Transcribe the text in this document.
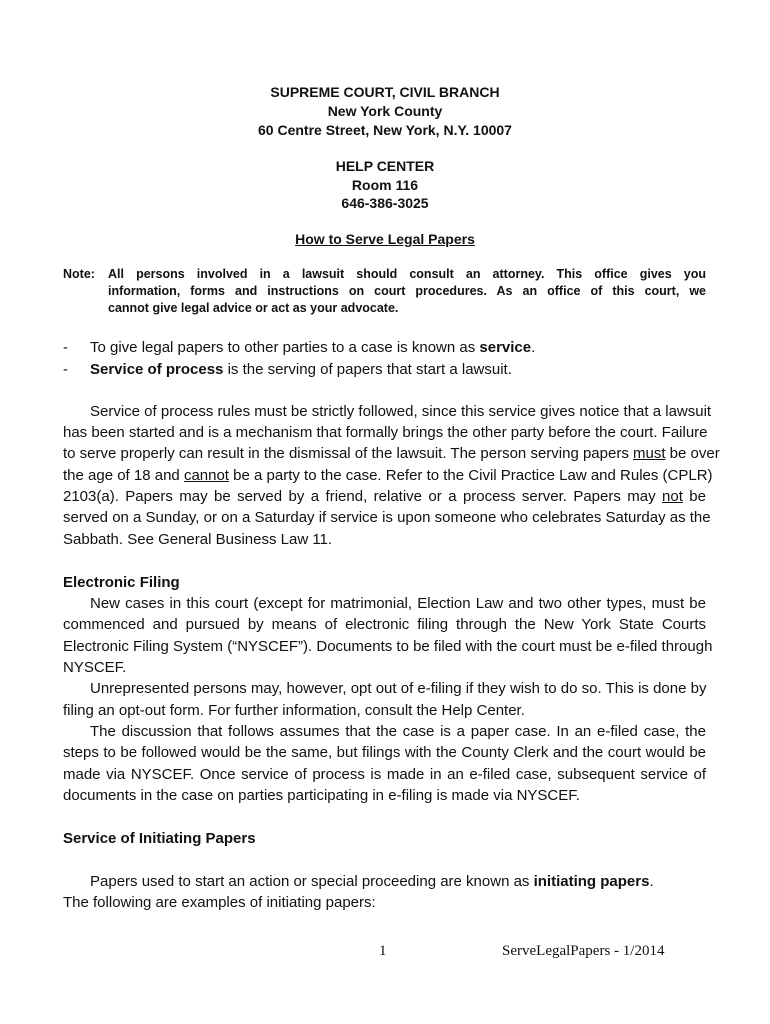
SUPREME COURT, CIVIL BRANCH
New York County
60 Centre Street, New York, N.Y. 10007
HELP CENTER
Room 116
646-386-3025
How to Serve Legal Papers
Note: All persons involved in a lawsuit should consult an attorney. This office gives you
information, forms and instructions on court procedures. As an office of this court, we
cannot give legal advice or act as your advocate.
- To give legal papers to other parties to a case is known as service.
- Service of process is the serving of papers that start a lawsuit.
Service of process rules must be strictly followed, since this service gives notice that a lawsuit
has been started and is a mechanism that formally brings the other party before the court. Failure
to serve properly can result in the dismissal of the lawsuit. The person serving papers must be over
the age of 18 and cannot be a party to the case. Refer to the Civil Practice Law and Rules (CPLR)
2103(a). Papers may be served by a friend, relative or a process server. Papers may not be
served on a Sunday, or on a Saturday if service is upon someone who celebrates Saturday as the
Sabbath. See General Business Law 11.
Electronic Filing
New cases in this court (except for matrimonial, Election Law and two other types, must be
commenced and pursued by means of electronic filing through the New York State Courts
Electronic Filing System (“NYSCEF”). Documents to be filed with the court must be e-filed through
NYSCEF.
Unrepresented persons may, however, opt out of e-filing if they wish to do so. This is done by
filing an opt-out form. For further information, consult the Help Center.
The discussion that follows assumes that the case is a paper case. In an e-filed case, the
steps to be followed would be the same, but filings with the County Clerk and the court would be
made via NYSCEF. Once service of process is made in an e-filed case, subsequent service of
documents in the case on parties participating in e-filing is made via NYSCEF.
Service of Initiating Papers
Papers used to start an action or special proceeding are known as initiating papers.
The following are examples of initiating papers:
1	ServeLegalPapers - 1/2014
